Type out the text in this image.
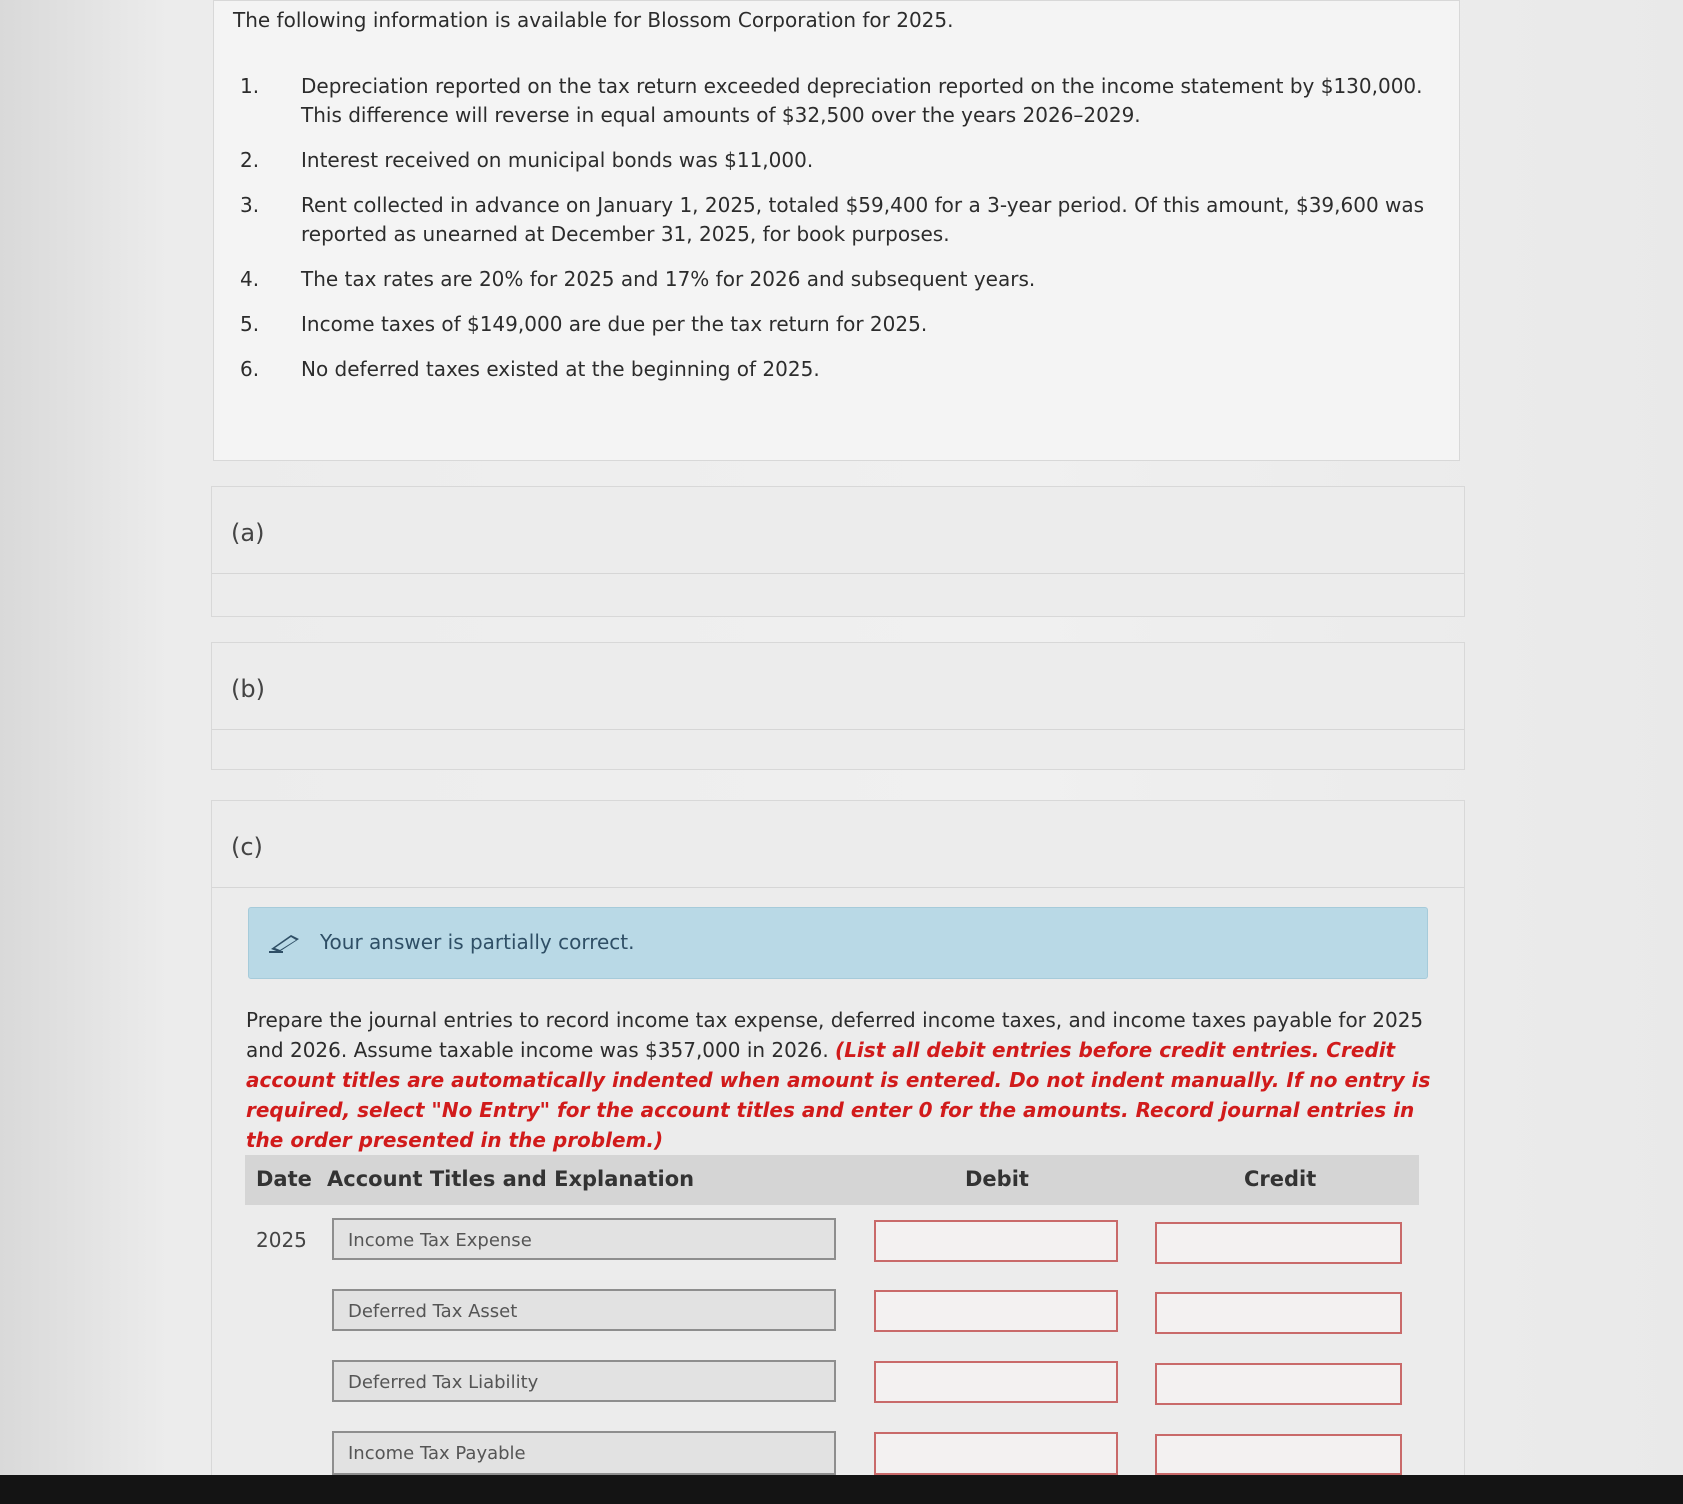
The following information is available for Blossom Corporation for 2025.
1.	Depreciation reported on the tax return exceeded depreciation reported on the income statement by $130,000. This difference will reverse in equal amounts of $32,500 over the years 2026–2029.
2.	Interest received on municipal bonds was $11,000.
3.	Rent collected in advance on January 1, 2025, totaled $59,400 for a 3-year period. Of this amount, $39,600 was reported as unearned at December 31, 2025, for book purposes.
4.	The tax rates are 20% for 2025 and 17% for 2026 and subsequent years.
5.	Income taxes of $149,000 are due per the tax return for 2025.
6.	No deferred taxes existed at the beginning of 2025.
(a)
(b)
(c)
Your answer is partially correct.
Prepare the journal entries to record income tax expense, deferred income taxes, and income taxes payable for 2025 and 2026. Assume taxable income was $357,000 in 2026. (List all debit entries before credit entries. Credit account titles are automatically indented when amount is entered. Do not indent manually. If no entry is required, select "No Entry" for the account titles and enter 0 for the amounts. Record journal entries in the order presented in the problem.)
Date Account Titles and Explanation	Debit	Credit
2025	Income Tax Expense
Deferred Tax Asset
Deferred Tax Liability
Income Tax Payable
